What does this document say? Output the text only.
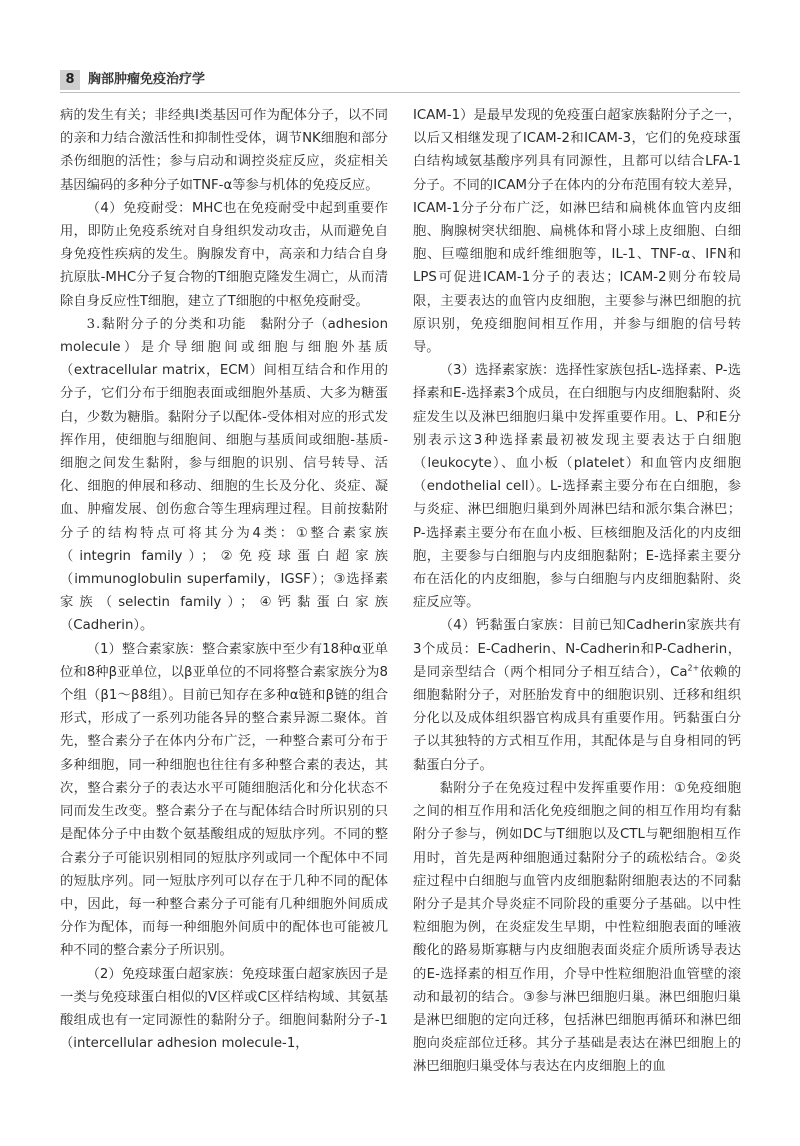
8	胸部肿瘤免疫治疗学

病的发生有关；非经典Ⅰ类基因可作为配体分子，以不同的亲和力结合激活性和抑制性受体，调节NK细胞和部分杀伤细胞的活性；参与启动和调控炎症反应，炎症相关基因编码的多种分子如TNF-α等参与机体的免疫反应。

（4）免疫耐受：MHC也在免疫耐受中起到重要作用，即防止免疫系统对自身组织发动攻击，从而避免自身免疫性疾病的发生。胸腺发育中，高亲和力结合自身抗原肽-MHC分子复合物的T细胞克隆发生凋亡，从而清除自身反应性T细胞，建立了T细胞的中枢免疫耐受。

3.黏附分子的分类和功能 黏附分子（adhesion molecule）是介导细胞间或细胞与细胞外基质（extracellular matrix，ECM）间相互结合和作用的分子，它们分布于细胞表面或细胞外基质、大多为糖蛋白，少数为糖脂。黏附分子以配体-受体相对应的形式发挥作用，使细胞与细胞间、细胞与基质间或细胞-基质-细胞之间发生黏附，参与细胞的识别、信号转导、活化、细胞的伸展和移动、细胞的生长及分化、炎症、凝血、肿瘤发展、创伤愈合等生理病理过程。目前按黏附分子的结构特点可将其分为4类：①整合素家族（integrin family）；②免疫球蛋白超家族（immunoglobulin superfamily，IGSF）；③选择素家族（selectin family）；④钙黏蛋白家族（Cadherin）。

（1）整合素家族：整合素家族中至少有18种α亚单位和8种β亚单位，以β亚单位的不同将整合素家族分为8个组（β1～β8组）。目前已知存在多种α链和β链的组合形式，形成了一系列功能各异的整合素异源二聚体。首先，整合素分子在体内分布广泛，一种整合素可分布于多种细胞，同一种细胞也往往有多种整合素的表达，其次，整合素分子的表达水平可随细胞活化和分化状态不同而发生改变。整合素分子在与配体结合时所识别的只是配体分子中由数个氨基酸组成的短肽序列。不同的整合素分子可能识别相同的短肽序列或同一个配体中不同的短肽序列。同一短肽序列可以存在于几种不同的配体中，因此，每一种整合素分子可能有几种细胞外间质成分作为配体，而每一种细胞外间质中的配体也可能被几种不同的整合素分子所识别。

（2）免疫球蛋白超家族：免疫球蛋白超家族因子是一类与免疫球蛋白相似的Ⅴ区样或C区样结构域、其氨基酸组成也有一定同源性的黏附分子。细胞间黏附分子-1（intercellular adhesion molecule-1，

ICAM-1）是最早发现的免疫蛋白超家族黏附分子之一，以后又相继发现了ICAM-2和ICAM-3，它们的免疫球蛋白结构域氨基酸序列具有同源性，且都可以结合LFA-1分子。不同的ICAM分子在体内的分布范围有较大差异，ICAM-1分子分布广泛，如淋巴结和扁桃体血管内皮细胞、胸腺树突状细胞、扁桃体和肾小球上皮细胞、白细胞、巨噬细胞和成纤维细胞等，IL-1、TNF-α、IFN和LPS可促进ICAM-1分子的表达；ICAM-2则分布较局限，主要表达的血管内皮细胞，主要参与淋巴细胞的抗原识别，免疫细胞间相互作用，并参与细胞的信号转导。

（3）选择素家族：选择性家族包括L-选择素、P-选择素和E-选择素3个成员，在白细胞与内皮细胞黏附、炎症发生以及淋巴细胞归巢中发挥重要作用。L、P和E分别表示这3种选择素最初被发现主要表达于白细胞（leukocyte）、血小板（platelet）和血管内皮细胞（endothelial cell）。L-选择素主要分布在白细胞，参与炎症、淋巴细胞归巢到外周淋巴结和派尔集合淋巴；P-选择素主要分布在血小板、巨核细胞及活化的内皮细胞，主要参与白细胞与内皮细胞黏附；E-选择素主要分布在活化的内皮细胞，参与白细胞与内皮细胞黏附、炎症反应等。

（4）钙黏蛋白家族：目前已知Cadherin家族共有3个成员：E-Cadherin、N-Cadherin和P-Cadherin，是同亲型结合（两个相同分子相互结合），$Ca^{2+}$依赖的细胞黏附分子，对胚胎发育中的细胞识别、迁移和组织分化以及成体组织器官构成具有重要作用。钙黏蛋白分子以其独特的方式相互作用，其配体是与自身相同的钙黏蛋白分子。

黏附分子在免疫过程中发挥重要作用：①免疫细胞之间的相互作用和活化免疫细胞之间的相互作用均有黏附分子参与，例如DC与T细胞以及CTL与靶细胞相互作用时，首先是两种细胞通过黏附分子的疏松结合。②炎症过程中白细胞与血管内皮细胞黏附细胞表达的不同黏附分子是其介导炎症不同阶段的重要分子基础。以中性粒细胞为例，在炎症发生早期，中性粒细胞表面的唾液酸化的路易斯寡糖与内皮细胞表面炎症介质所诱导表达的E-选择素的相互作用，介导中性粒细胞沿血管壁的滚动和最初的结合。③参与淋巴细胞归巢。淋巴细胞归巢是淋巴细胞的定向迁移，包括淋巴细胞再循环和淋巴细胞向炎症部位迁移。其分子基础是表达在淋巴细胞上的淋巴细胞归巢受体与表达在内皮细胞上的血
